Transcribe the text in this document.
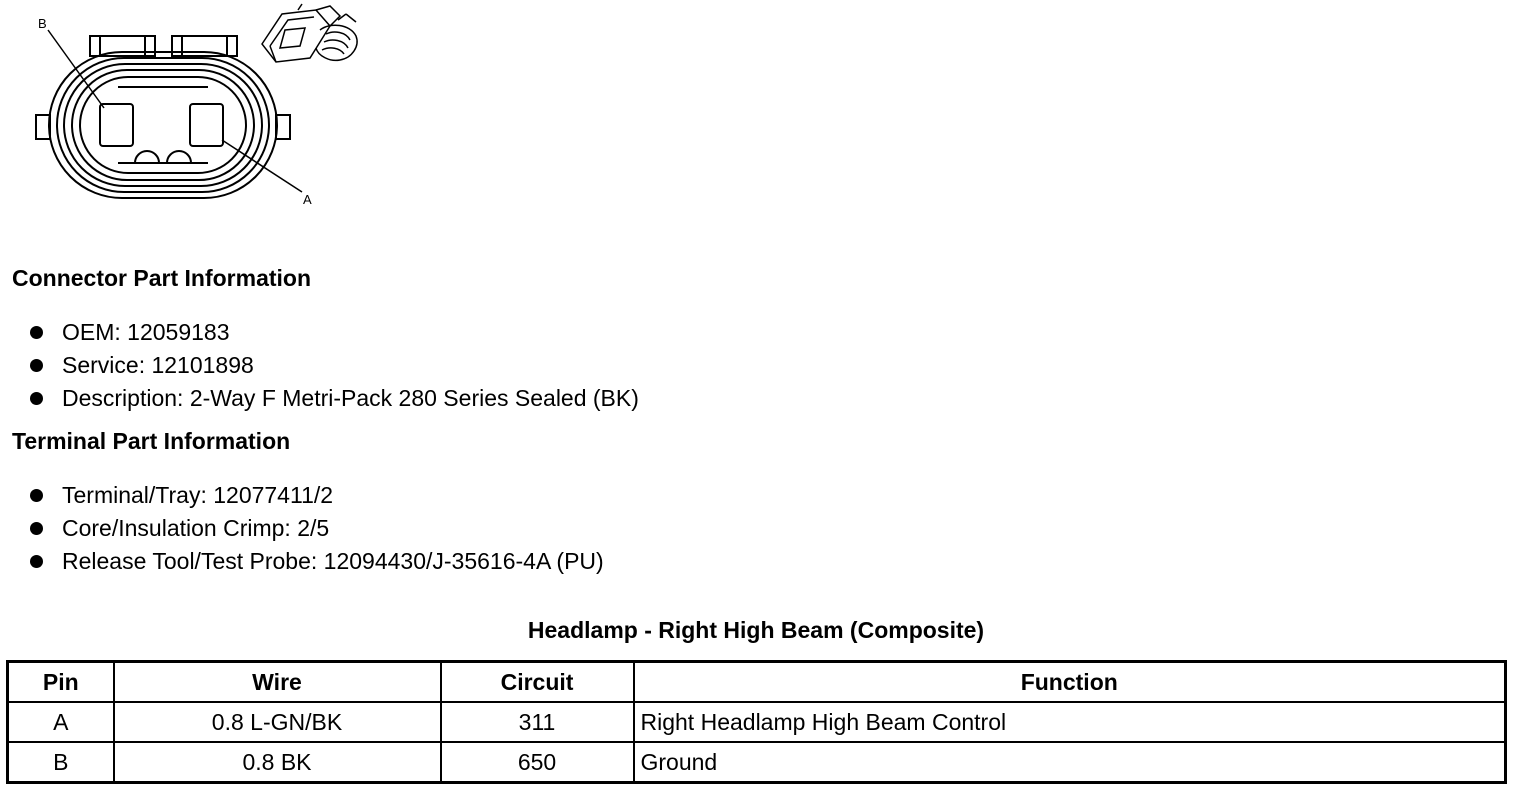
B
A
Connector Part Information
OEM: 12059183
Service: 12101898
Description: 2-Way F Metri-Pack 280 Series Sealed (BK)
Terminal Part Information
Terminal/Tray: 12077411/2
Core/Insulation Crimp: 2/5
Release Tool/Test Probe: 12094430/J-35616-4A (PU)
Headlamp - Right High Beam (Composite)
Pin	Wire	Circuit	Function
A	0.8 L-GN/BK	311	Right Headlamp High Beam Control
B	0.8 BK	650	Ground
